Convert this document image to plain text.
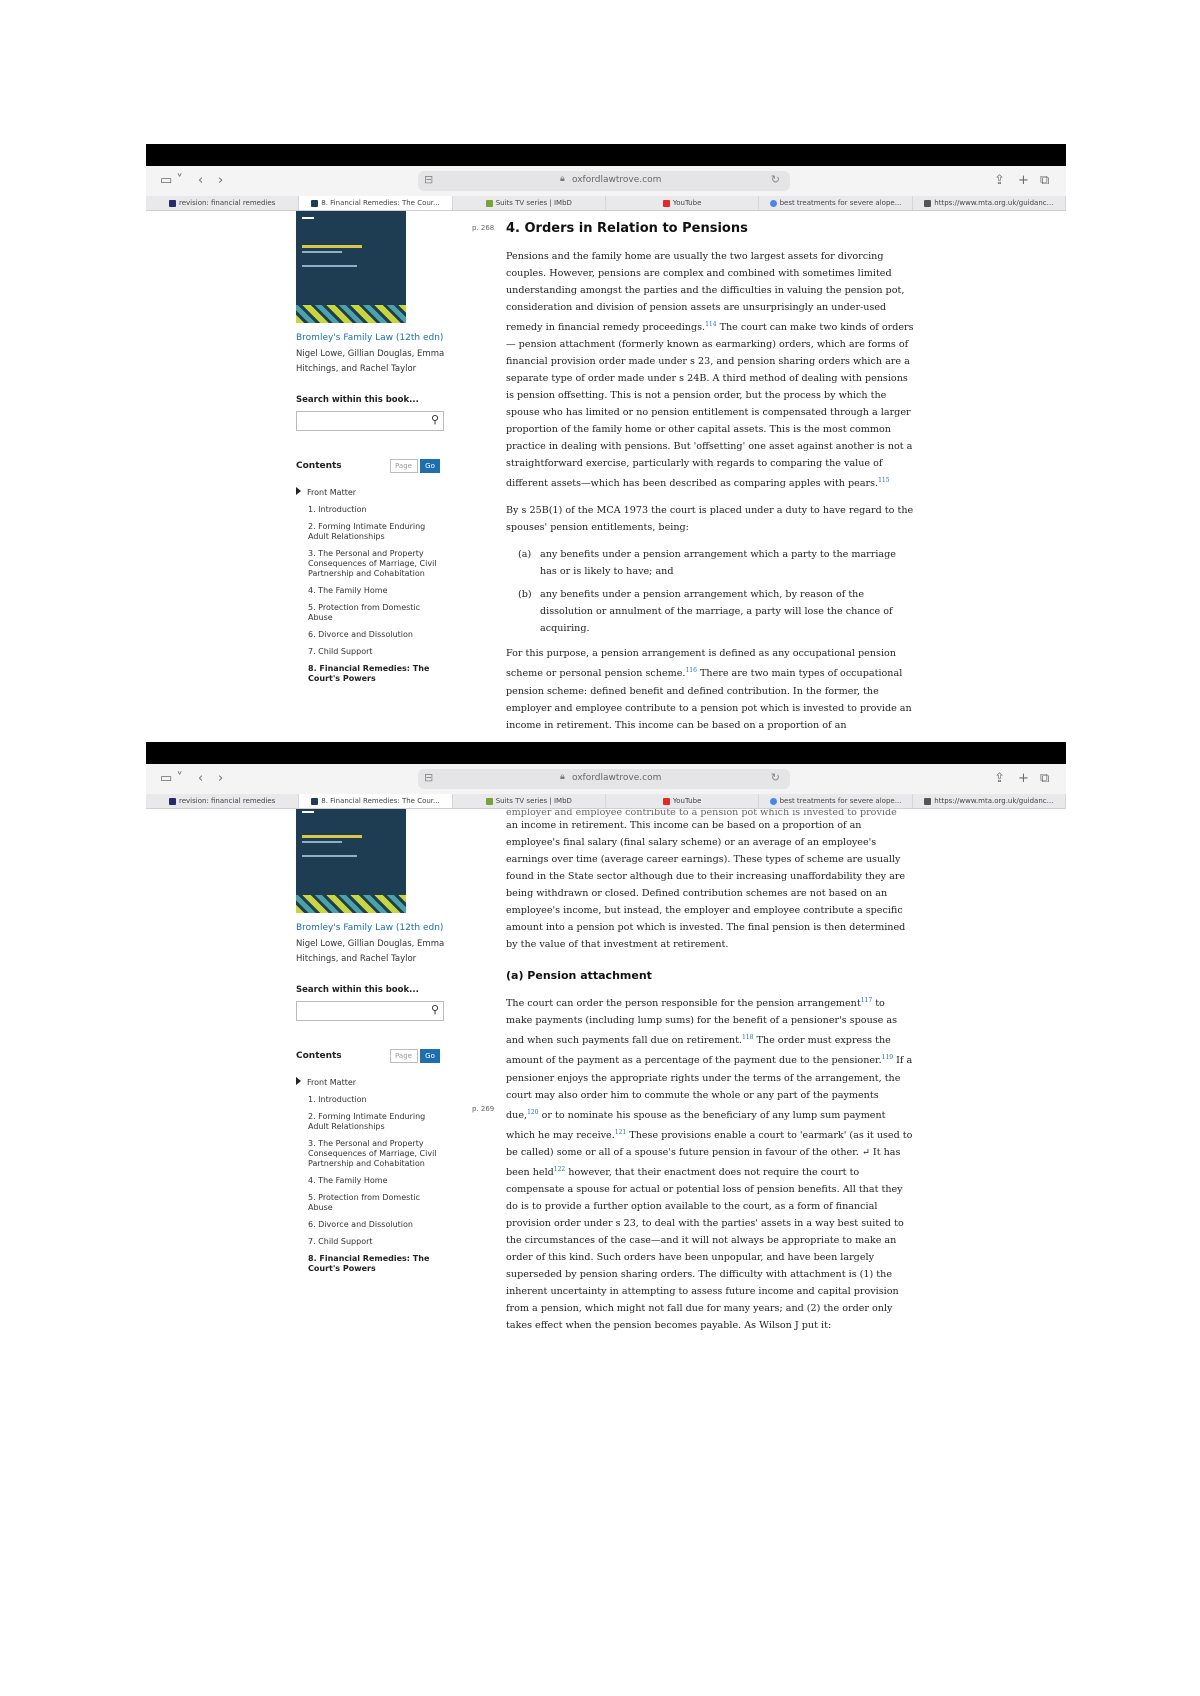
▭ ˅ ‹ ›	⊟	🔒︎ oxfordlawtrove.com	↻	⇪ + ⧉
revision: financial remedies	8. Financial Remedies: The Cour...	Suits TV series | IMbD	YouTube	best treatments for severe alope...	https://www.mta.org.uk/guidanc...
Bromley's Family Law (12th edn)
Nigel Lowe, Gillian Douglas, Emma Hitchings, and Rachel Taylor
Search within this book...
⚲
Contents	Page	Go
Front Matter
1. Introduction
2. Forming Intimate Enduring Adult Relationships
3. The Personal and Property Consequences of Marriage, Civil Partnership and Cohabitation
4. The Family Home
5. Protection from Domestic Abuse
6. Divorce and Dissolution
7. Child Support
8. Financial Remedies: The Court's Powers
p. 268 4. Orders in Relation to Pensions

Pensions and the family home are usually the two largest assets for divorcing couples. However, pensions are complex and combined with sometimes limited understanding amongst the parties and the difficulties in valuing the pension pot, consideration and division of pension assets are unsurprisingly an under-used remedy in financial remedy proceedings.$^{114}$ The court can make two kinds of orders — pension attachment (formerly known as earmarking) orders, which are forms of financial provision order made under s 23, and pension sharing orders which are a separate type of order made under s 24B. A third method of dealing with pensions is pension offsetting. This is not a pension order, but the process by which the spouse who has limited or no pension entitlement is compensated through a larger proportion of the family home or other capital assets. This is the most common practice in dealing with pensions. But 'offsetting' one asset against another is not a straightforward exercise, particularly with regards to comparing the value of different assets—which has been described as comparing apples with pears.$^{115}$

By s 25B(1) of the MCA 1973 the court is placed under a duty to have regard to the spouses' pension entitlements, being:

(a) any benefits under a pension arrangement which a party to the marriage has or is likely to have; and
(b) any benefits under a pension arrangement which, by reason of the dissolution or annulment of the marriage, a party will lose the chance of acquiring.

For this purpose, a pension arrangement is defined as any occupational pension scheme or personal pension scheme.$^{116}$ There are two main types of occupational pension scheme: defined benefit and defined contribution. In the former, the employer and employee contribute to a pension pot which is invested to provide an income in retirement. This income can be based on a proportion of an

▭ ˅ ‹ ›	⊟	🔒︎ oxfordlawtrove.com	↻	⇪ + ⧉
revision: financial remedies	8. Financial Remedies: The Cour...	Suits TV series | IMbD	YouTube	best treatments for severe alope...	https://www.mta.org.uk/guidanc...
Bromley's Family Law (12th edn)
Nigel Lowe, Gillian Douglas, Emma Hitchings, and Rachel Taylor
Search within this book...
⚲
Contents	Page	Go
Front Matter
1. Introduction
2. Forming Intimate Enduring Adult Relationships
3. The Personal and Property Consequences of Marriage, Civil Partnership and Cohabitation
4. The Family Home
5. Protection from Domestic Abuse
6. Divorce and Dissolution
7. Child Support
8. Financial Remedies: The Court's Powers

employer and employee contribute to a pension pot which is invested to provide

an income in retirement. This income can be based on a proportion of an employee's final salary (final salary scheme) or an average of an employee's earnings over time (average career earnings). These types of scheme are usually found in the State sector although due to their increasing unaffordability they are being withdrawn or closed. Defined contribution schemes are not based on an employee's income, but instead, the employer and employee contribute a specific amount into a pension pot which is invested. The final pension is then determined by the value of that investment at retirement.

(a) Pension attachment

The court can order the person responsible for the pension arrangement$^{117}$ to make payments (including lump sums) for the benefit of a pensioner's spouse as and when such payments fall due on retirement.$^{118}$ The order must express the amount of the payment as a percentage of the payment due to the pensioner.$^{119}$ If a pensioner enjoys the appropriate rights under the terms of the arrangement, the court may also order him to commute the whole or any part of the payments due,$^{120}$ or to nominate his spouse as the beneficiary of any lump sum payment which he may receive.$^{121}$ These provisions enable a court to 'earmark' (as it used to be called) some or all of a spouse's future pension in favour of the other. ↵ It has been held$^{122}$ however, that their enactment does not require the court to compensate a spouse for actual or potential loss of pension benefits. All that they do is to provide a further option available to the court, as a form of financial provision order under s 23, to deal with the parties' assets in a way best suited to the circumstances of the case—and it will not always be appropriate to make an order of this kind. Such orders have been unpopular, and have been largely superseded by pension sharing orders. The difficulty with attachment is (1) the inherent uncertainty in attempting to assess future income and capital provision from a pension, which might not fall due for many years; and (2) the order only takes effect when the pension becomes payable. As Wilson J put it:

p. 269
